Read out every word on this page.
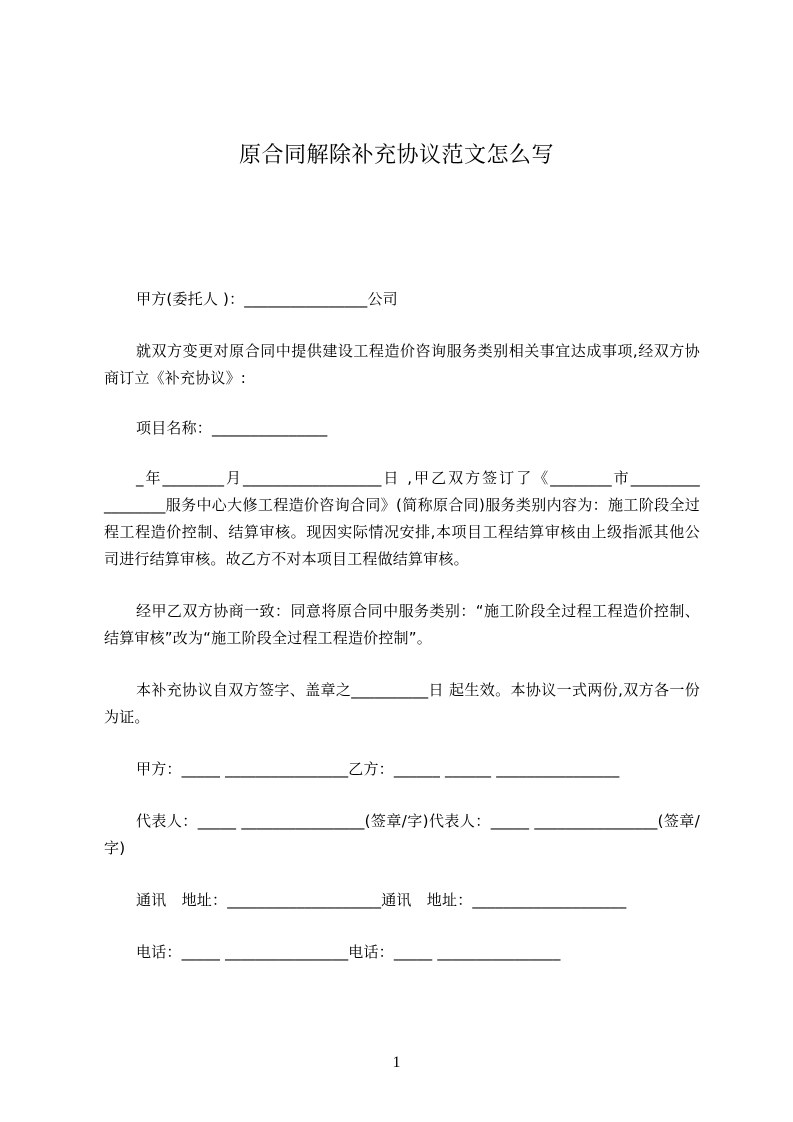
原合同解除补充协议范文怎么写

甲方(委托人 )：________________公司

就双方变更对原合同中提供建设工程造价咨询服务类别相关事宜达成事项,经双方协商订立《补充协议》:

项目名称：_______________

_年________月__________________日 ,甲乙双方签订了《________市_________ ________服务中心大修工程造价咨询合同》(简称原合同)服务类别内容为：施工阶段全过程工程造价控制、结算审核。现因实际情况安排,本项目工程结算审核由上级指派其他公司进行结算审核。故乙方不对本项目工程做结算审核。

经甲乙双方协商一致：同意将原合同中服务类别：“施工阶段全过程工程造价控制、结算审核”改为“施工阶段全过程工程造价控制”。

本补充协议自双方签字、盖章之__________日 起生效。本协议一式两份,双方各一份为证。

甲方：_____ ________________乙方：______ ______ ________________

代表人：_____ ________________(签章/字)代表人：_____ ________________(签章/字)

通讯　地址：____________________通讯　地址：____________________

电话：_____ ________________电话：_____ ________________

1
